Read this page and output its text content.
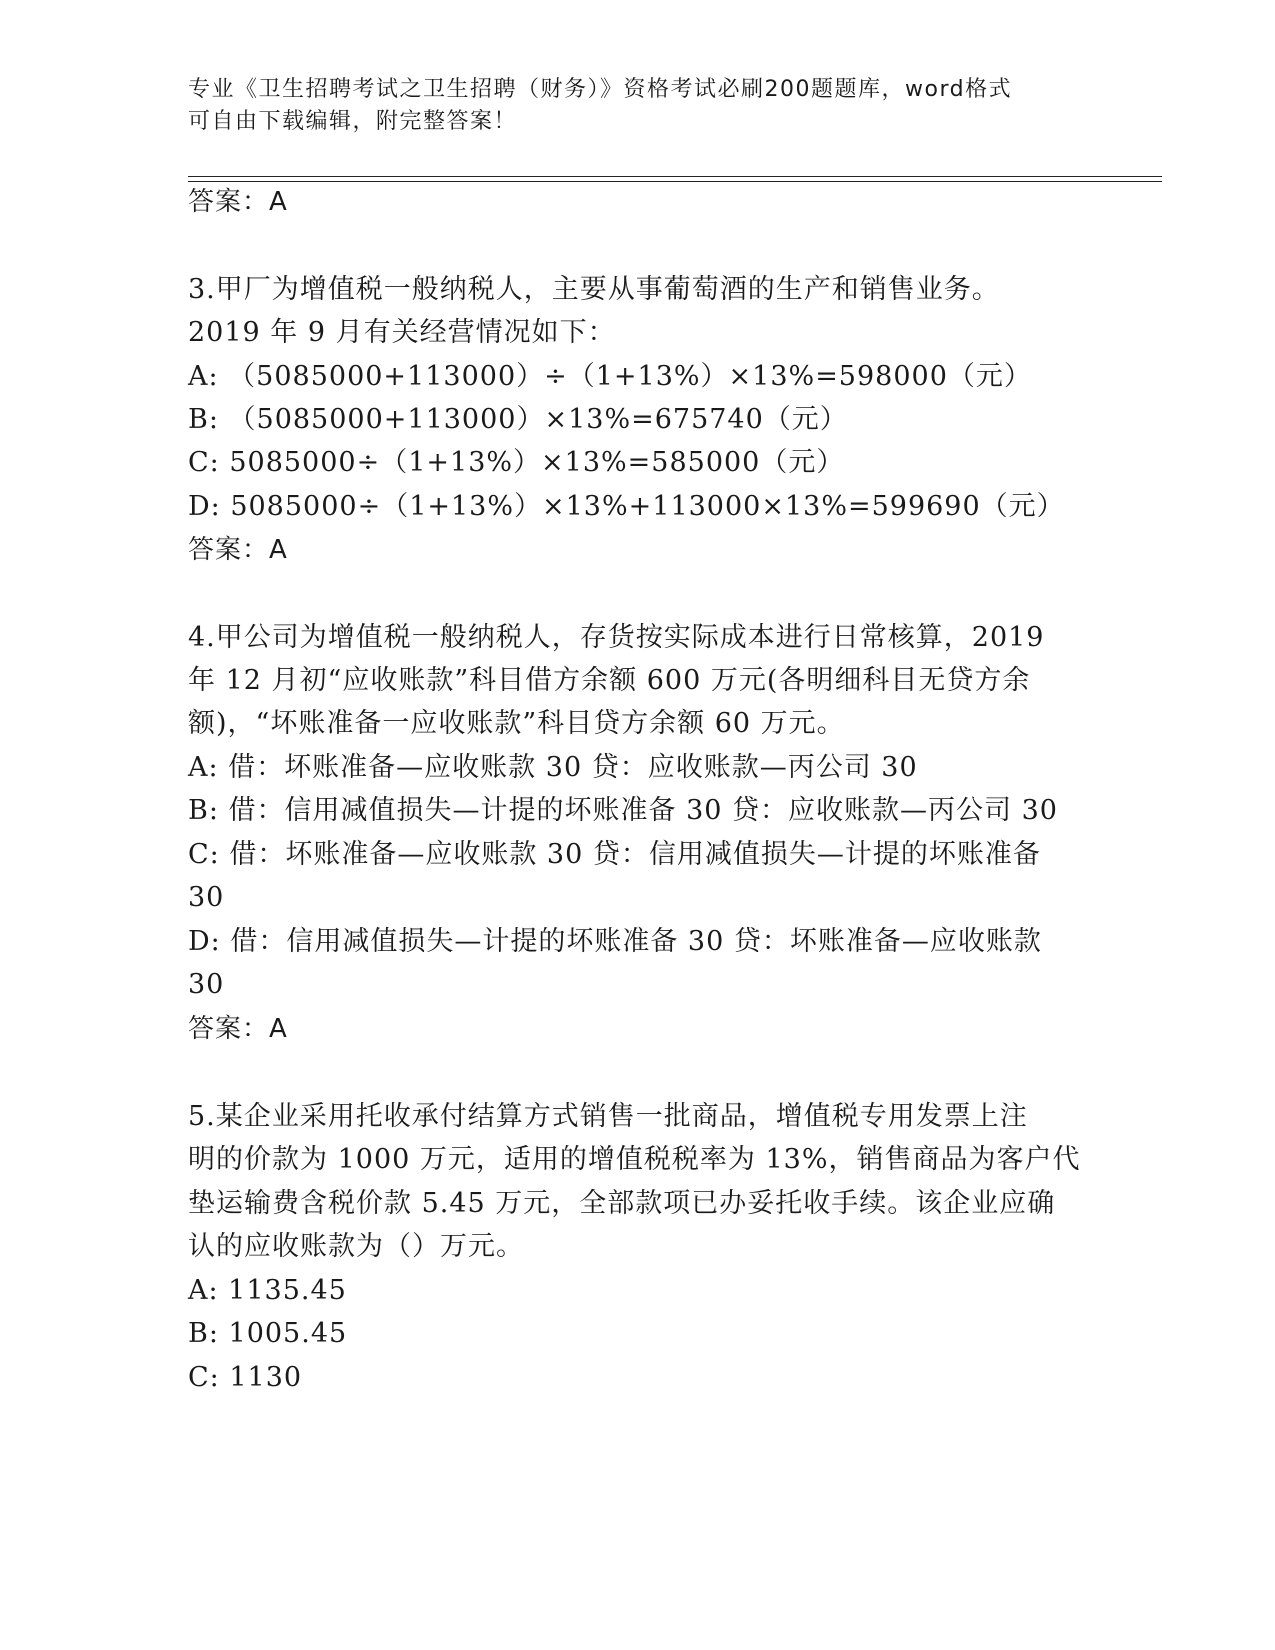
专业《卫生招聘考试之卫生招聘（财务）》资格考试必刷200题题库，word格式
可自由下载编辑，附完整答案！
答案：A
3.甲厂为增值税一般纳税人，主要从事葡萄酒的生产和销售业务。
2019 年 9 月有关经营情况如下：
A: （5085000+113000）÷（1+13%）×13%=598000（元）
B: （5085000+113000）×13%=675740（元）
C: 5085000÷（1+13%）×13%=585000（元）
D: 5085000÷（1+13%）×13%+113000×13%=599690（元）
答案：A
4.甲公司为增值税一般纳税人，存货按实际成本进行日常核算，2019
年 12 月初“应收账款”科目借方余额 600 万元(各明细科目无贷方余
额)，“坏账准备一应收账款”科目贷方余额 60 万元。
A: 借：坏账准备—应收账款 30 贷：应收账款—丙公司 30
B: 借：信用减值损失—计提的坏账准备 30 贷：应收账款—丙公司 30
C: 借：坏账准备—应收账款 30 贷：信用减值损失—计提的坏账准备
30
D: 借：信用减值损失—计提的坏账准备 30 贷：坏账准备—应收账款
30
答案：A
5.某企业采用托收承付结算方式销售一批商品，增值税专用发票上注
明的价款为 1000 万元，适用的增值税税率为 13%，销售商品为客户代
垫运输费含税价款 5.45 万元，全部款项已办妥托收手续。该企业应确
认的应收账款为（）万元。
A: 1135.45
B: 1005.45
C: 1130
